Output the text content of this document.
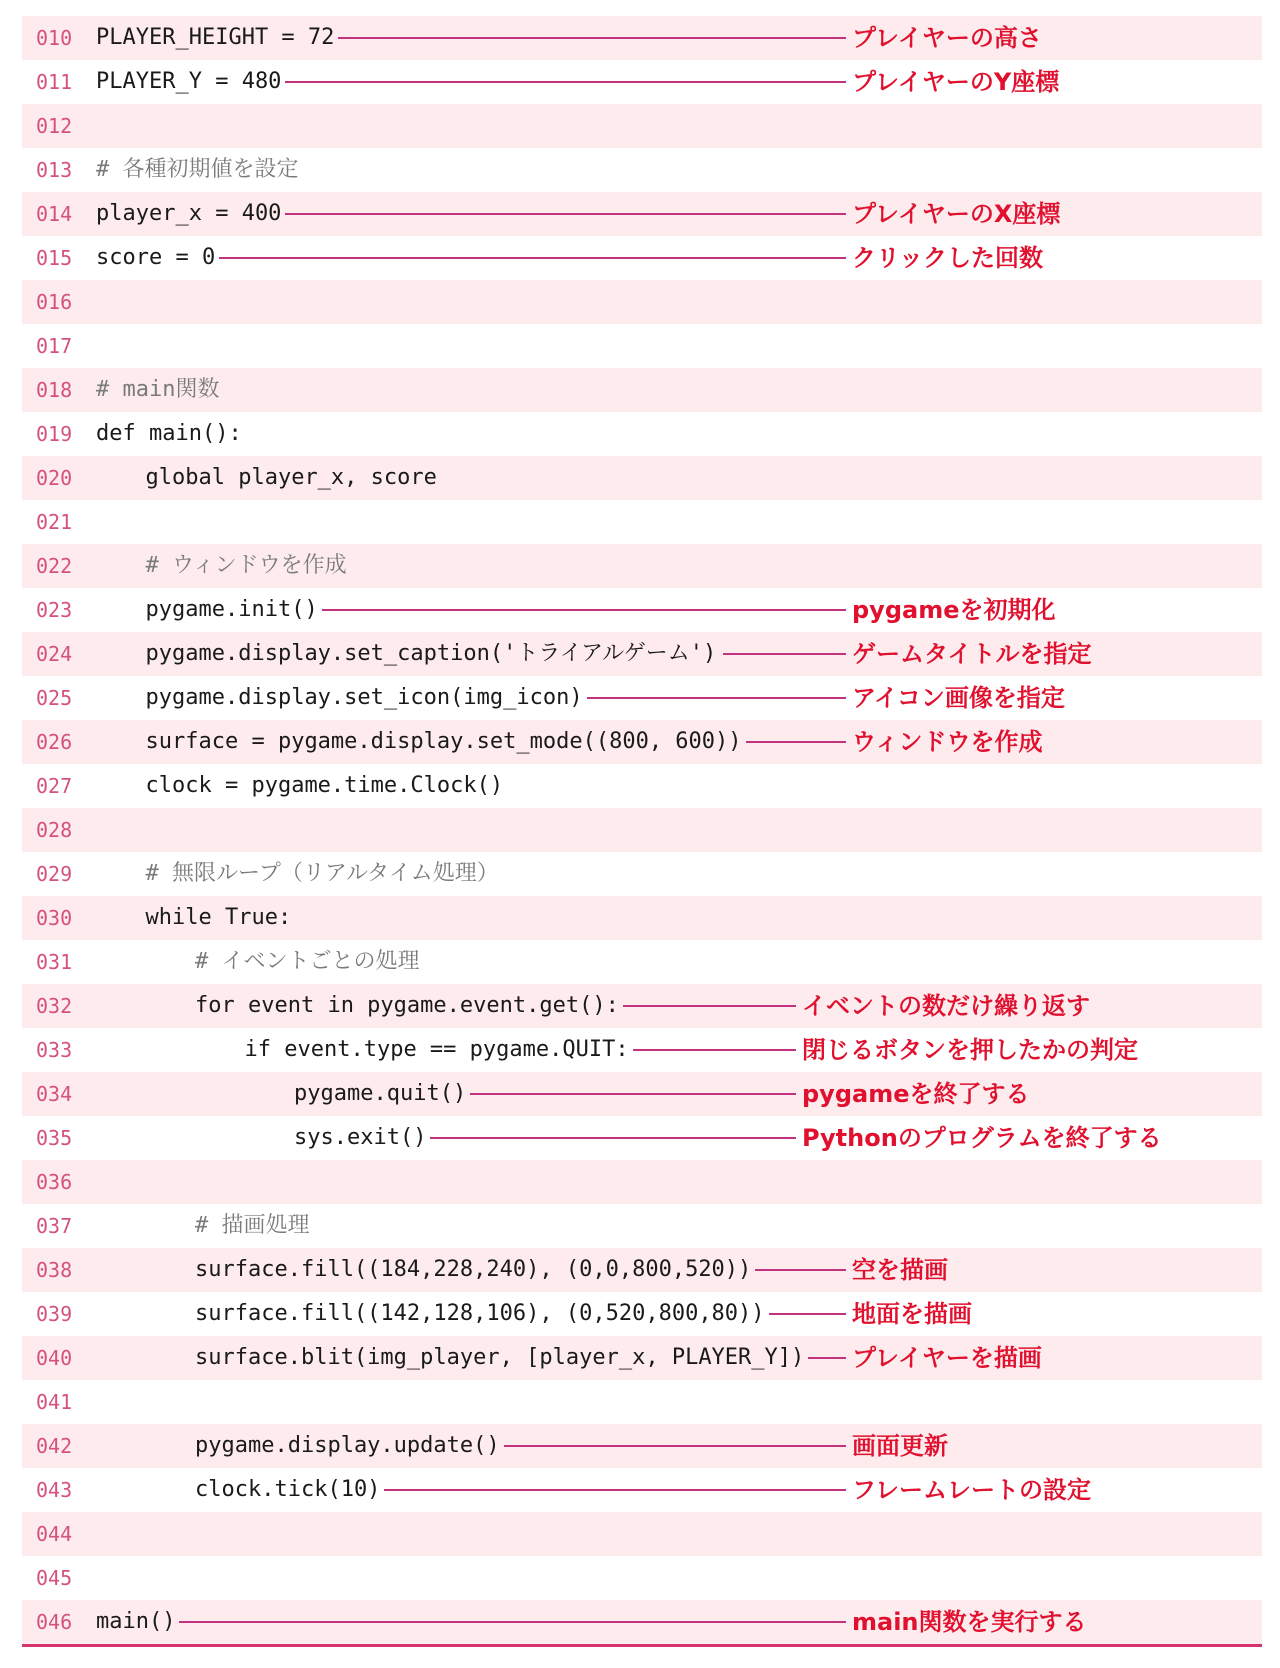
010 PLAYER_HEIGHT = 72	プレイヤーの高さ
011 PLAYER_Y = 480	プレイヤーのY座標
012
013 # 各種初期値を設定
014 player_x = 400	プレイヤーのX座標
015 score = 0	クリックした回数
016
017
018 # main関数
019 def main():
020	global player_x, score
021
022	# ウィンドウを作成
023	pygame.init()	pygameを初期化
024	pygame.display.set_caption('トライアルゲーム')	ゲームタイトルを指定
025	pygame.display.set_icon(img_icon)	アイコン画像を指定
026	surface = pygame.display.set_mode((800, 600))	ウィンドウを作成
027	clock = pygame.time.Clock()
028
029	# 無限ループ（リアルタイム処理）
030	while True:
031	# イベントごとの処理
032	for event in pygame.event.get():	イベントの数だけ繰り返す
033	if event.type == pygame.QUIT:	閉じるボタンを押したかの判定
034	pygame.quit()	pygameを終了する
035	sys.exit()	Pythonのプログラムを終了する
036
037	# 描画処理
038	surface.fill((184,228,240), (0,0,800,520))	空を描画
039	surface.fill((142,128,106), (0,520,800,80))	地面を描画
040	surface.blit(img_player, [player_x, PLAYER_Y]) プレイヤーを描画
041
042	pygame.display.update()	画面更新
043	clock.tick(10)	フレームレートの設定
044
045
046 main()	main関数を実行する
